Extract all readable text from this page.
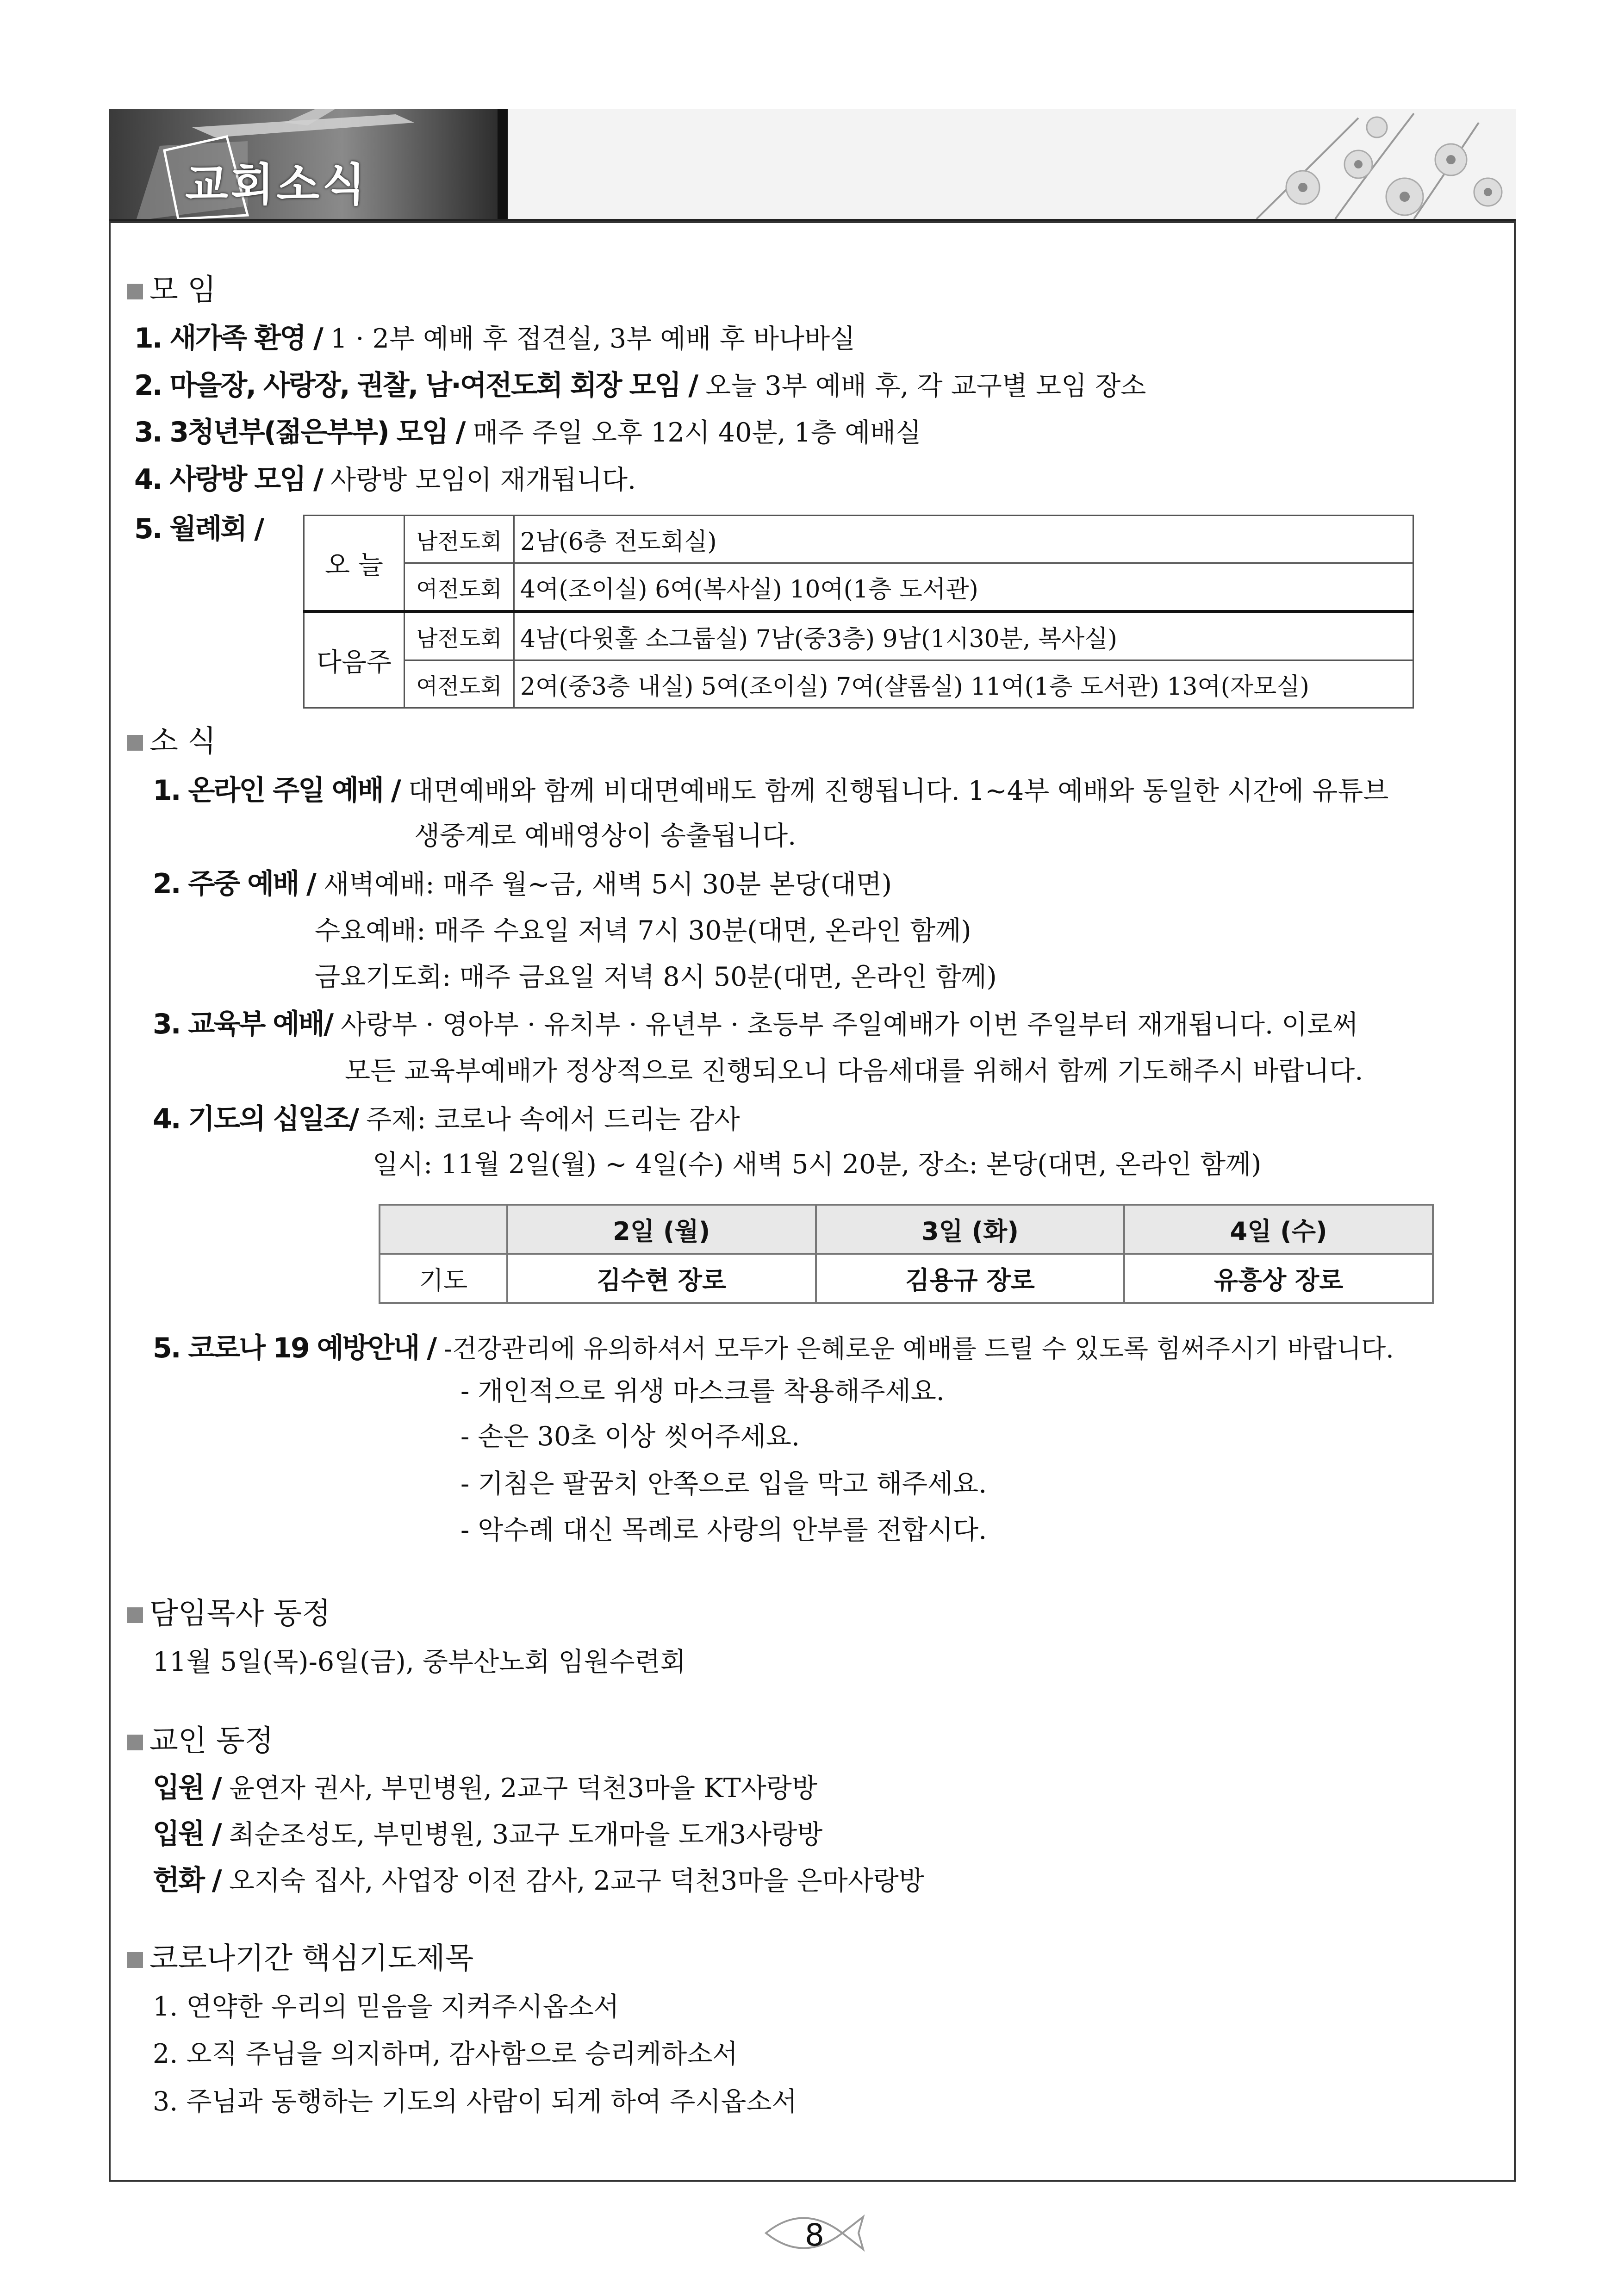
교회소식
모 임
1. 새가족 환영 / 1 · 2부 예배 후 접견실, 3부 예배 후 바나바실
2. 마을장, 사랑장, 권찰, 남·여전도회 회장 모임 / 오늘 3부 예배 후, 각 교구별 모임 장소
3. 3청년부(젊은부부) 모임 / 매주 주일 오후 12시 40분, 1층 예배실
4. 사랑방 모임 / 사랑방 모임이 재개됩니다.
5. 월례회 /
오 늘	남전도회	2남(6층 전도회실)
	여전도회	4여(조이실) 6여(복사실) 10여(1층 도서관)
다음주	남전도회	4남(다윗홀 소그룹실) 7남(중3층) 9남(1시30분, 복사실)
	여전도회	2여(중3층 내실) 5여(조이실) 7여(샬롬실) 11여(1층 도서관) 13여(자모실)
소 식
1. 온라인 주일 예배 / 대면예배와 함께 비대면예배도 함께 진행됩니다. 1~4부 예배와 동일한 시간에 유튜브
생중계로 예배영상이 송출됩니다.
2. 주중 예배 / 새벽예배: 매주 월~금, 새벽 5시 30분 본당(대면)
수요예배: 매주 수요일 저녁 7시 30분(대면, 온라인 함께)
금요기도회: 매주 금요일 저녁 8시 50분(대면, 온라인 함께)
3. 교육부 예배/ 사랑부 · 영아부 · 유치부 · 유년부 · 초등부 주일예배가 이번 주일부터 재개됩니다. 이로써
모든 교육부예배가 정상적으로 진행되오니 다음세대를 위해서 함께 기도해주시 바랍니다.
4. 기도의 십일조/ 주제: 코로나 속에서 드리는 감사
일시: 11월 2일(월) ~ 4일(수) 새벽 5시 20분, 장소: 본당(대면, 온라인 함께)
	2일 (월)	3일 (화)	4일 (수)
기도	김수현 장로	김용규 장로	유흥상 장로
5. 코로나 19 예방안내 / -건강관리에 유의하셔서 모두가 은혜로운 예배를 드릴 수 있도록 힘써주시기 바랍니다.
- 개인적으로 위생 마스크를 착용해주세요.
- 손은 30초 이상 씻어주세요.
- 기침은 팔꿈치 안쪽으로 입을 막고 해주세요.
- 악수례 대신 목례로 사랑의 안부를 전합시다.
담임목사 동정
11월 5일(목)-6일(금), 중부산노회 임원수련회
교인 동정
입원 / 윤연자 권사, 부민병원, 2교구 덕천3마을 KT사랑방
입원 / 최순조성도, 부민병원, 3교구 도개마을 도개3사랑방
헌화 / 오지숙 집사, 사업장 이전 감사, 2교구 덕천3마을 은마사랑방
코로나기간 핵심기도제목
1. 연약한 우리의 믿음을 지켜주시옵소서
2. 오직 주님을 의지하며, 감사함으로 승리케하소서
3. 주님과 동행하는 기도의 사람이 되게 하여 주시옵소서
8
